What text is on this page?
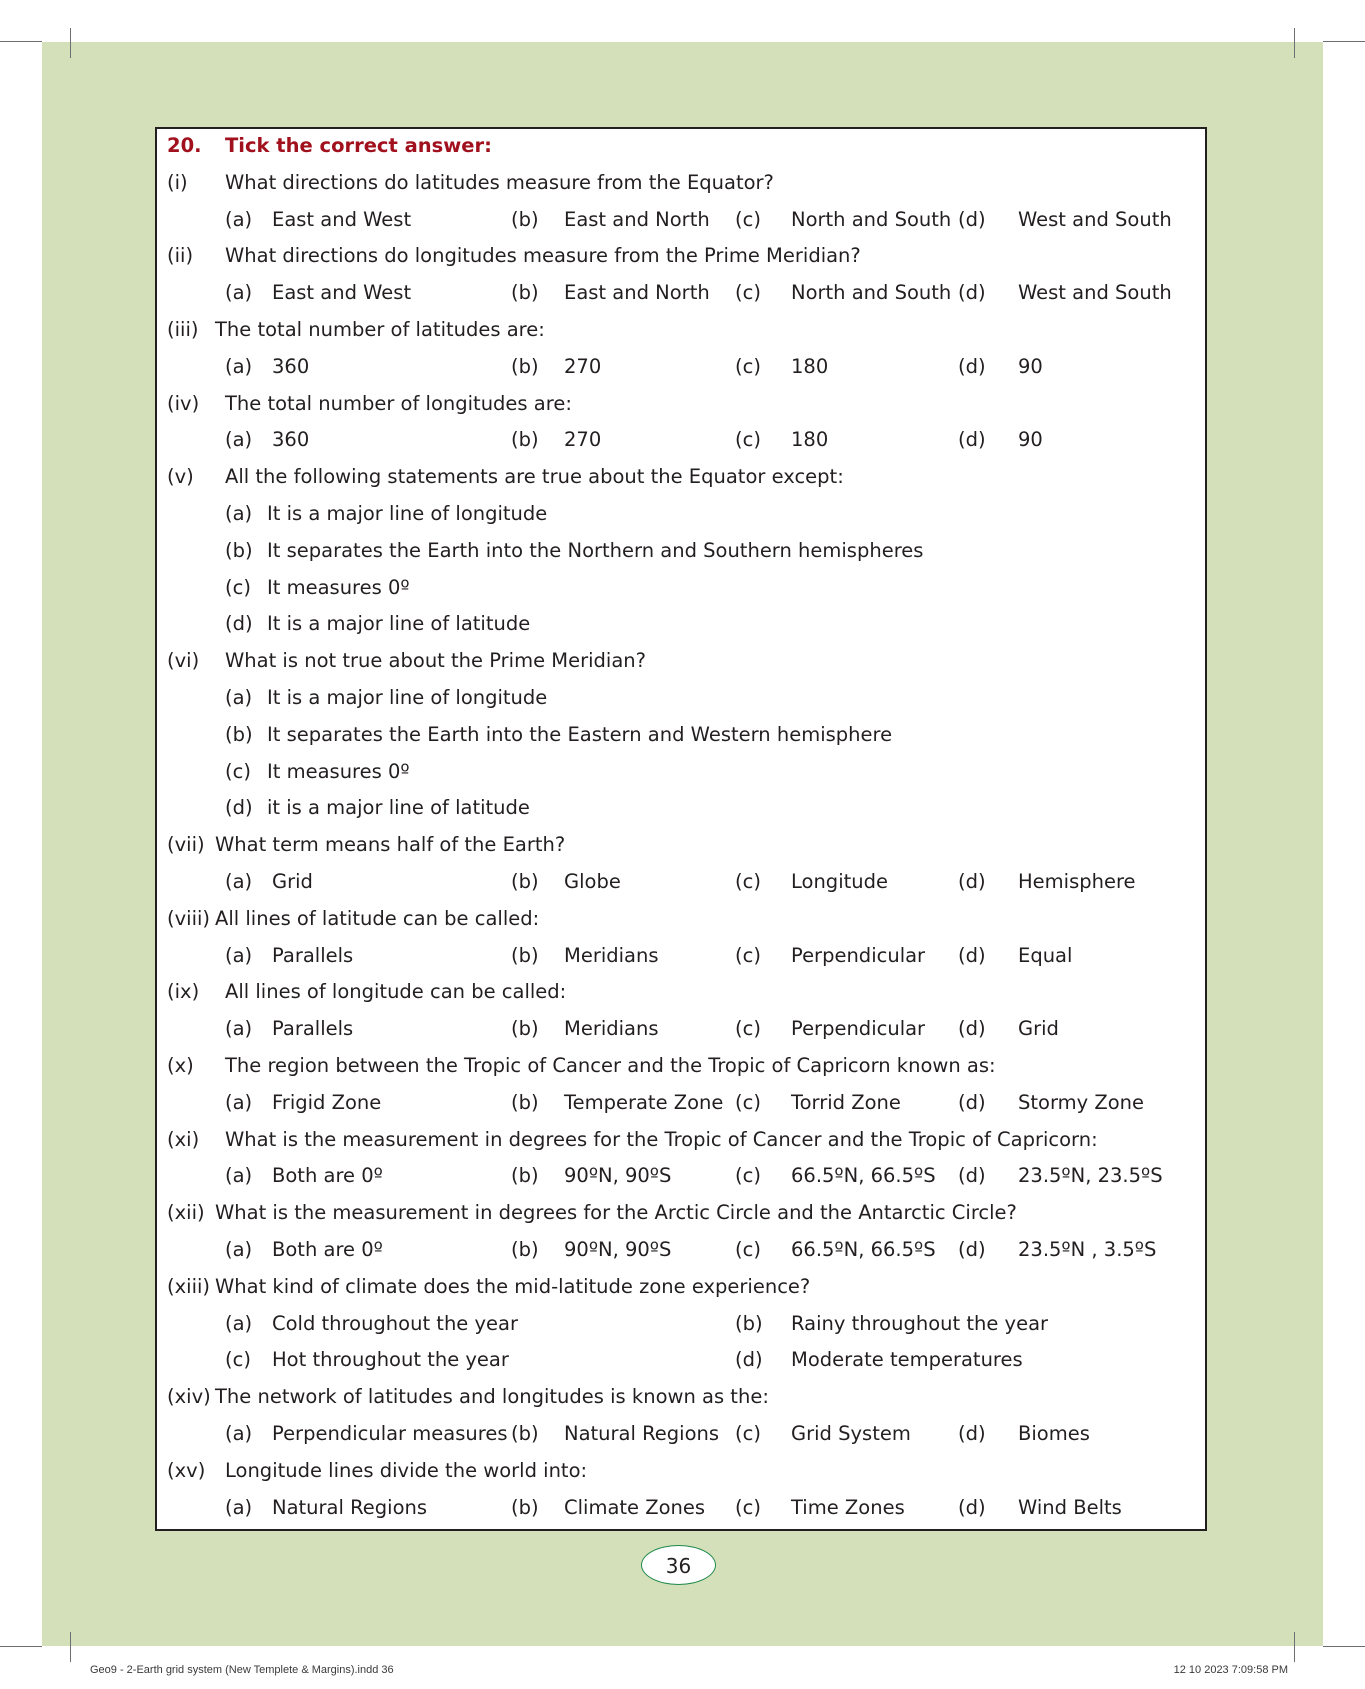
20. Tick the correct answer:
(i) What directions do latitudes measure from the Equator?
(a) East and West	(b) East and North (c) North and South (d) West and South
(ii) What directions do longitudes measure from the Prime Meridian?
(a) East and West	(b) East and North (c) North and South (d) West and South
(iii) The total number of latitudes are:
(a) 360	(b) 270	(c) 180	(d) 90
(iv) The total number of longitudes are:
(a) 360	(b) 270	(c) 180	(d) 90
(v) All the following statements are true about the Equator except:
(a) It is a major line of longitude
(b) It separates the Earth into the Northern and Southern hemispheres
(c) It measures 0º
(d) It is a major line of latitude
(vi) What is not true about the Prime Meridian?
(a) It is a major line of longitude
(b) It separates the Earth into the Eastern and Western hemisphere
(c) It measures 0º
(d) it is a major line of latitude
(vii) What term means half of the Earth?
(a) Grid	(b) Globe	(c) Longitude	(d) Hemisphere
(viii) All lines of latitude can be called:
(a) Parallels	(b) Meridians	(c) Perpendicular (d) Equal
(ix) All lines of longitude can be called:
(a) Parallels	(b) Meridians	(c) Perpendicular (d) Grid
(x) The region between the Tropic of Cancer and the Tropic of Capricorn known as:
(a) Frigid Zone	(b) Temperate Zone (c) Torrid Zone	(d) Stormy Zone
(xi) What is the measurement in degrees for the Tropic of Cancer and the Tropic of Capricorn:
(a) Both are 0º	(b) 90ºN, 90ºS	(c) 66.5ºN, 66.5ºS (d) 23.5ºN, 23.5ºS
(xii) What is the measurement in degrees for the Arctic Circle and the Antarctic Circle?
(a) Both are 0º	(b) 90ºN, 90ºS	(c) 66.5ºN, 66.5ºS (d) 23.5ºN , 3.5ºS
(xiii) What kind of climate does the mid-latitude zone experience?
(a) Cold throughout the year	(b) Rainy throughout the year
(c) Hot throughout the year	(d) Moderate temperatures
(xiv) The network of latitudes and longitudes is known as the:
(a) Perpendicular measures (b) Natural Regions (c) Grid System (d) Biomes
(xv) Longitude lines divide the world into:
(a) Natural Regions	(b) Climate Zones (c) Time Zones	(d) Wind Belts
36
Geo9 - 2-Earth grid system (New Templete & Margins).indd 36	12 10 2023 7:09:58 PM
